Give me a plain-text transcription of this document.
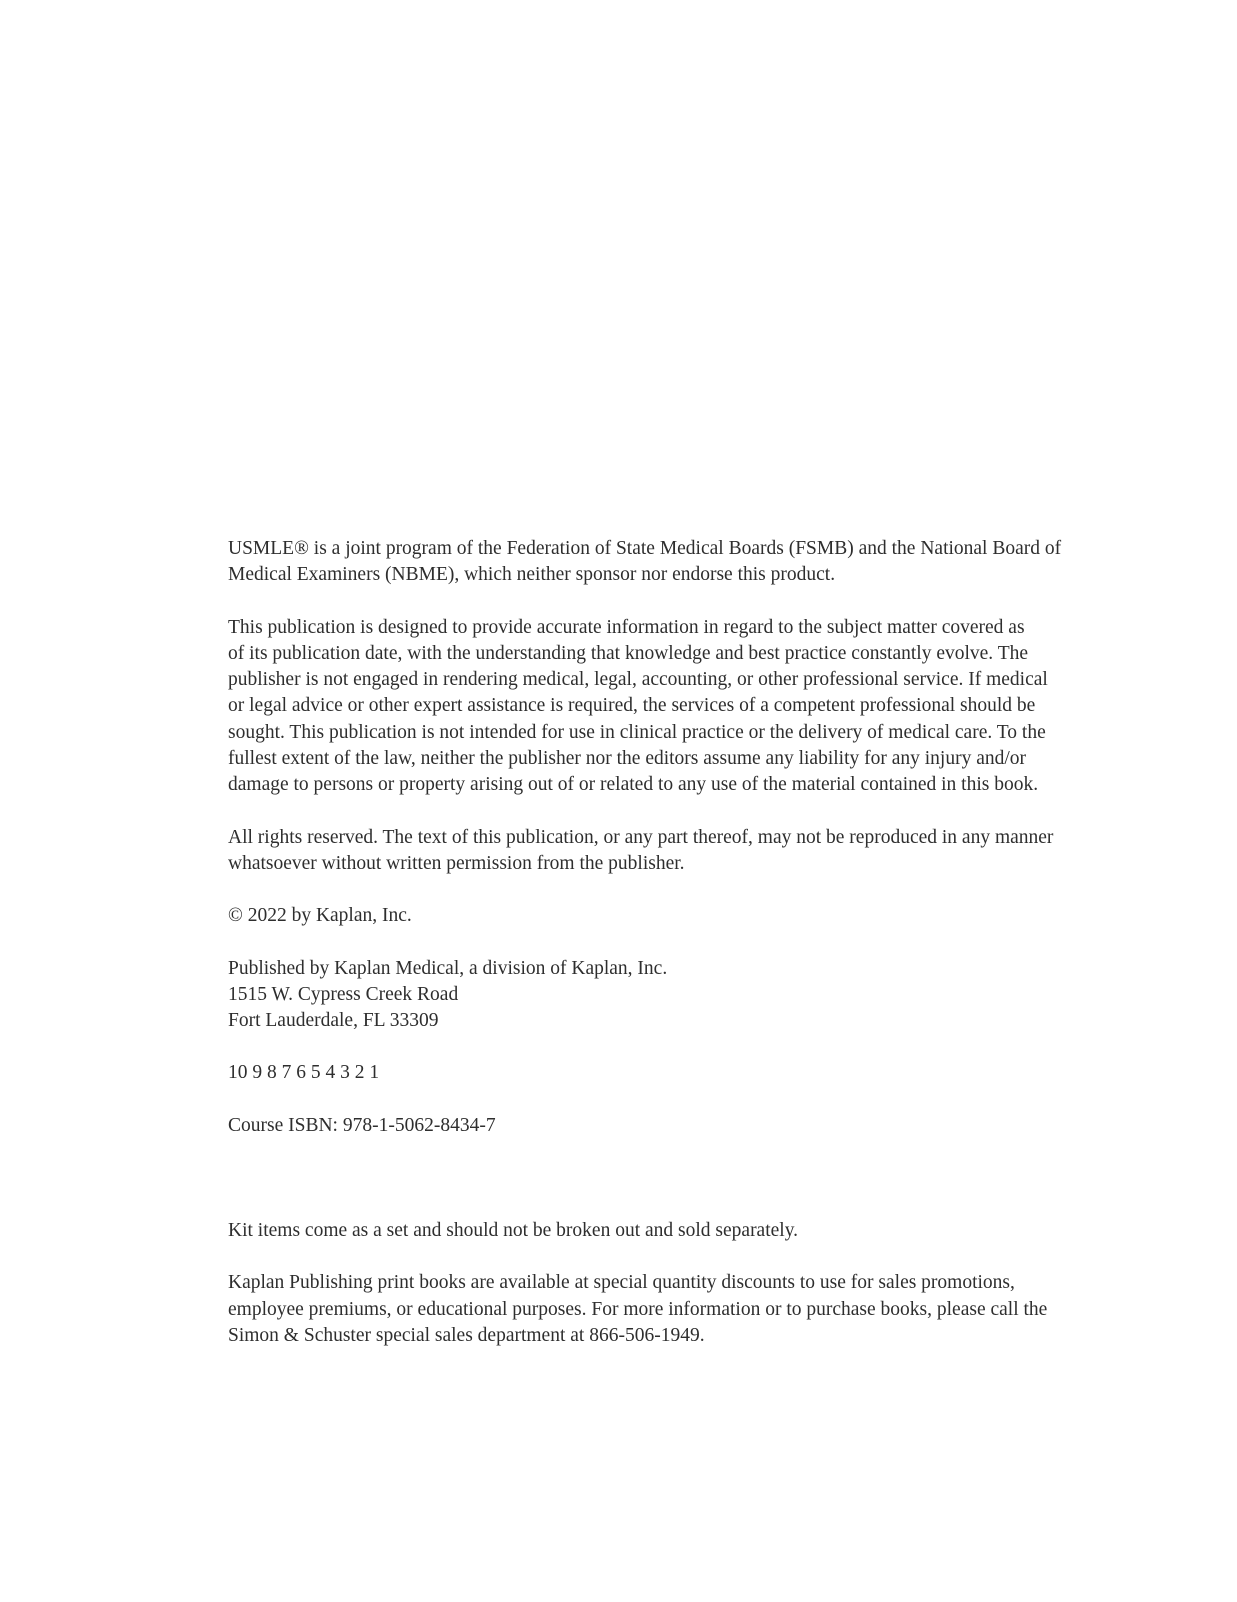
USMLE® is a joint program of the Federation of State Medical Boards (FSMB) and the National Board of
Medical Examiners (NBME), which neither sponsor nor endorse this product.

This publication is designed to provide accurate information in regard to the subject matter covered as
of its publication date, with the understanding that knowledge and best practice constantly evolve. The
publisher is not engaged in rendering medical, legal, accounting, or other professional service. If medical
or legal advice or other expert assistance is required, the services of a competent professional should be
sought. This publication is not intended for use in clinical practice or the delivery of medical care. To the
fullest extent of the law, neither the publisher nor the editors assume any liability for any injury and/or
damage to persons or property arising out of or related to any use of the material contained in this book.

All rights reserved. The text of this publication, or any part thereof, may not be reproduced in any manner
whatsoever without written permission from the publisher.

© 2022 by Kaplan, Inc.

Published by Kaplan Medical, a division of Kaplan, Inc.
1515 W. Cypress Creek Road
Fort Lauderdale, FL 33309

10 9 8 7 6 5 4 3 2 1

Course ISBN: 978-1-5062-8434-7

Kit items come as a set and should not be broken out and sold separately.

Kaplan Publishing print books are available at special quantity discounts to use for sales promotions,
employee premiums, or educational purposes. For more information or to purchase books, please call the
Simon & Schuster special sales department at 866-506-1949.
